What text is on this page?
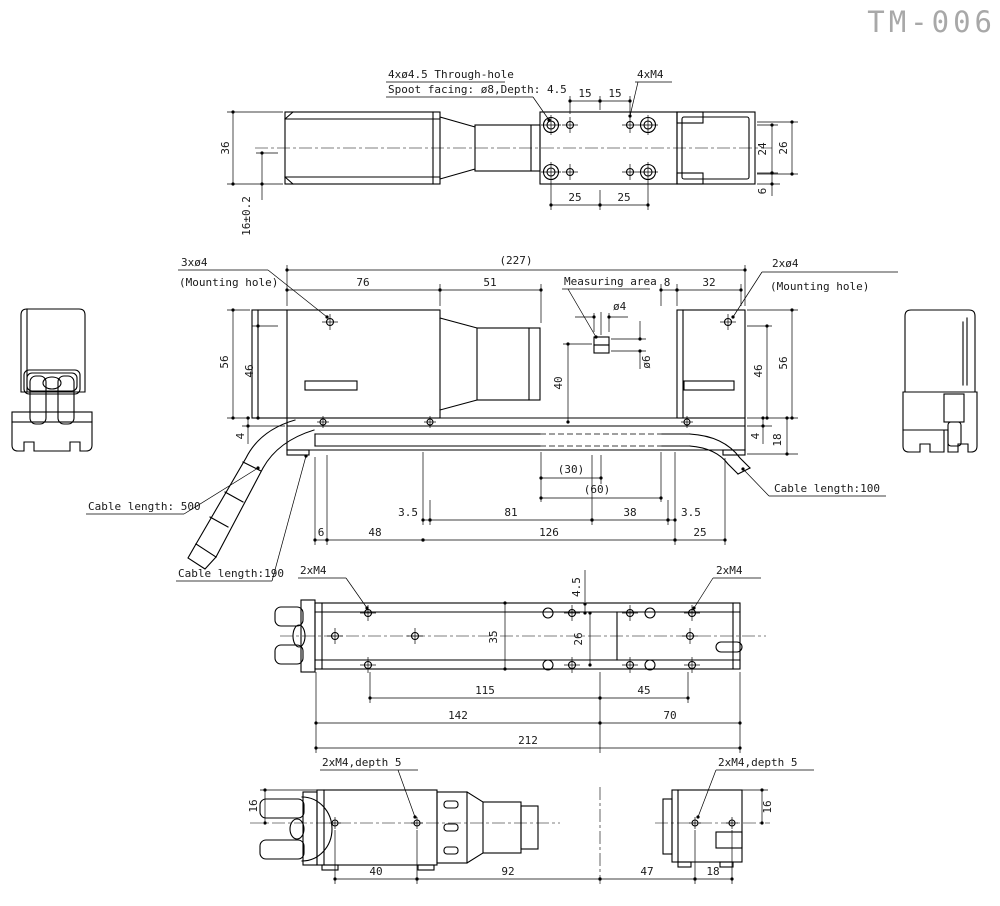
TM-006
15 15
4xø4.5 Through-hole
Spoot facing: ø8,Depth: 4.5
4xM4
36
16±0.2
24 26
6
25	25
(227)
76	51	8	32
Measuring area
ø4
ø6
40
56
46
4
46
56
4 18
(30)
(60)
3.5	81	38	3.5
6	48	126	25
3xø4
(Mounting hole)
2xø4
(Mounting hole)
Cable length: 500
Cable length:190
Cable length:100
2xM4	2xM4
4.5
35	26
115	45
142	70
212
2xM4,depth 5	2xM4,depth 5
16	16
40	92	47	18
